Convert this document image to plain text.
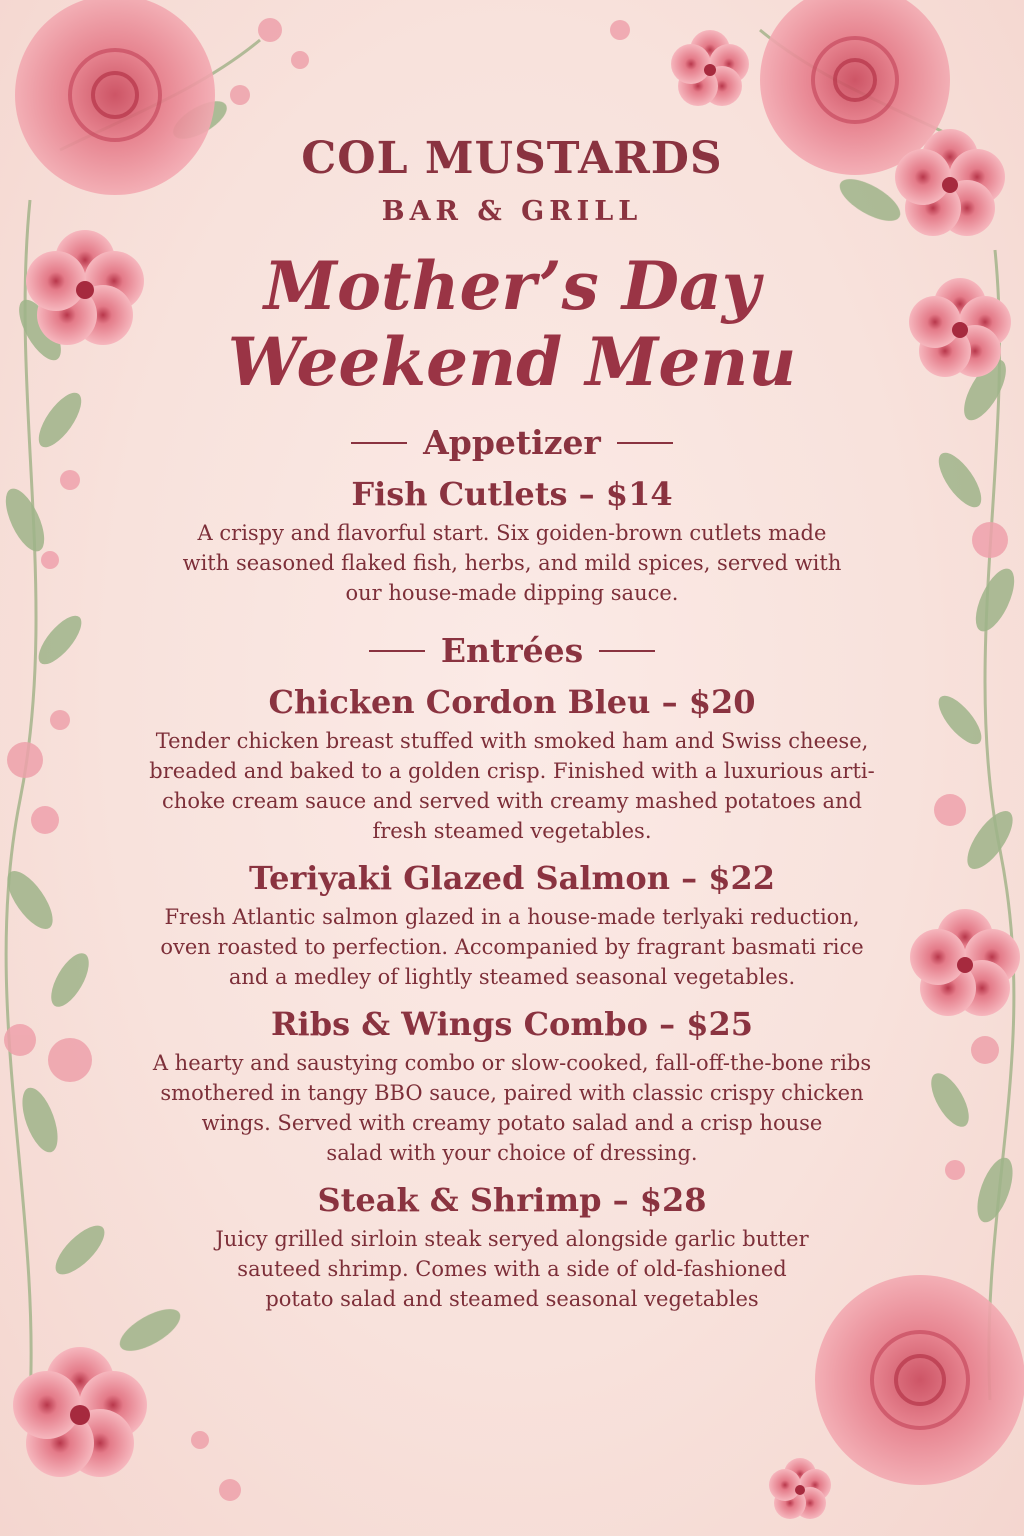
COL MUSTARDS
BAR & GRILL
Mother’s Day
Weekend Menu
Appetizer
Fish Cutlets – $14
A crispy and flavorful start. Six goiden-brown cutlets made
with seasoned flaked fish, herbs, and mild spices, served with
our house-made dipping sauce.
Entrées
Chicken Cordon Bleu – $20
Tender chicken breast stuffed with smoked ham and Swiss cheese,
breaded and baked to a golden crisp. Finished with a luxurious arti-
choke cream sauce and served with creamy mashed potatoes and
fresh steamed vegetables.
Teriyaki Glazed Salmon – $22
Fresh Atlantic salmon glazed in a house-made terlyaki reduction,
oven roasted to perfection. Accompanied by fragrant basmati rice
and a medley of lightly steamed seasonal vegetables.
Ribs & Wings Combo – $25
A hearty and saustying combo or slow-cooked, fall-off-the-bone ribs
smothered in tangy BBO sauce, paired with classic crispy chicken
wings. Served with creamy potato salad and a crisp house
salad with your choice of dressing.
Steak & Shrimp – $28
Juicy grilled sirloin steak seryed alongside garlic butter
sauteed shrimp. Comes with a side of old-fashioned
potato salad and steamed seasonal vegetables
